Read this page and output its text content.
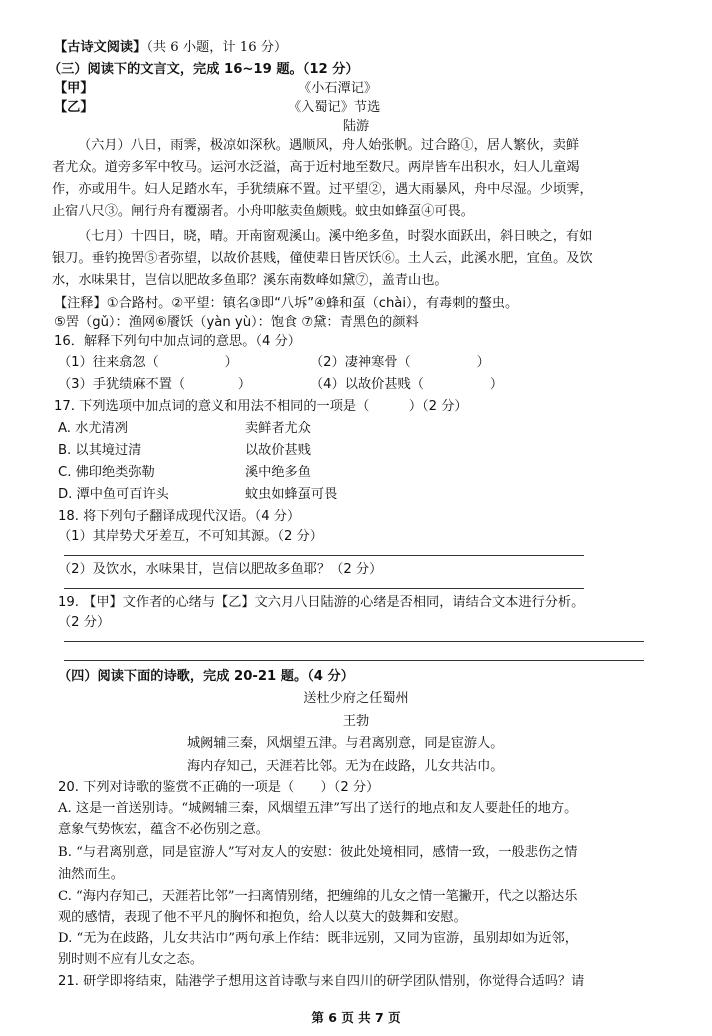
【古诗文阅读】（共 6 小题，计 16 分）
（三）阅读下的文言文，完成 16~19 题。（12 分）
【甲】	《小石潭记》
【乙】	《入蜀记》节选
陆游
（六月）八日，雨霁，极凉如深秋。遇顺风，舟人始张帆。过合路①，居人繁伙，卖鲜
者尤众。道旁多军中牧马。运河水泛溢，高于近村地至数尺。两岸皆车出积水，妇人儿童竭
作，亦或用牛。妇人足踏水车，手犹绩麻不置。过平望②，遇大雨暴风，舟中尽湿。少顷霁，
止宿八尺③。闸行舟有覆溺者。小舟叩舷卖鱼颇贱。蚊虫如蜂虿④可畏。
（七月）十四日，晓，晴。开南窗观溪山。溪中绝多鱼，时裂水面跃出，斜日映之，有如
银刀。垂钓挽罟⑤者弥望，以故价甚贱，僮使辈日皆厌饫⑥。土人云，此溪水肥，宜鱼。及饮
水，水味果甘，岂信以肥故多鱼耶？溪东南数峰如黛⑦，盖青山也。
【注释】①合路村。②平望：镇名③即“八坼”④蜂和虿（chài），有毒刺的螯虫。
⑤罟（gǔ）：渔网⑥餍饫（yàn yù）：饱食 ⑦黛：青黑色的颜料
16．解释下列句中加点词的意思。（4 分）
（1）往来翕忽（　　　　　）	（2）凄神寒骨（　　　　　）
（3）手犹绩麻不置（　　　　）	（4）以故价甚贱（　　　　　）
17. 下列选项中加点词的意义和用法不相同的一项是（　　　）（2 分）
A. 水尤清冽	卖鲜者尤众
B. 以其境过清	以故价甚贱
C. 佛印绝类弥勒	溪中绝多鱼
D. 潭中鱼可百许头	蚊虫如蜂虿可畏
18. 将下列句子翻译成现代汉语。（4 分）
（1）其岸势犬牙差互，不可知其源。（2 分）
（2）及饮水，水味果甘，岂信以肥故多鱼耶？（2 分）
19. 【甲】文作者的心绪与【乙】文六月八日陆游的心绪是否相同，请结合文本进行分析。
（2 分）
（四）阅读下面的诗歌，完成 20-21 题。（4 分）
送杜少府之任蜀州
王勃
城阙辅三秦，风烟望五津。与君离别意，同是宦游人。
海内存知己，天涯若比邻。无为在歧路，儿女共沾巾。
20. 下列对诗歌的鉴赏不正确的一项是（　　）（2 分）
A. 这是一首送别诗。“城阙辅三秦，风烟望五津”写出了送行的地点和友人要赴任的地方。
意象气势恢宏，蕴含不必伤别之意。
B. “与君离别意，同是宦游人”写对友人的安慰：彼此处境相同，感情一致，一般悲伤之情
油然而生。
C. “海内存知己，天涯若比邻”一扫离情别绪，把缠绵的儿女之情一笔撇开，代之以豁达乐
观的感情，表现了他不平凡的胸怀和抱负，给人以莫大的鼓舞和安慰。
D. “无为在歧路，儿女共沾巾”两句承上作结：既非远别，又同为宦游，虽别却如为近邻，
别时则不应有儿女之态。
21. 研学即将结束，陆港学子想用这首诗歌与来自四川的研学团队惜别，你觉得合适吗？请
第 6 页 共 7 页
